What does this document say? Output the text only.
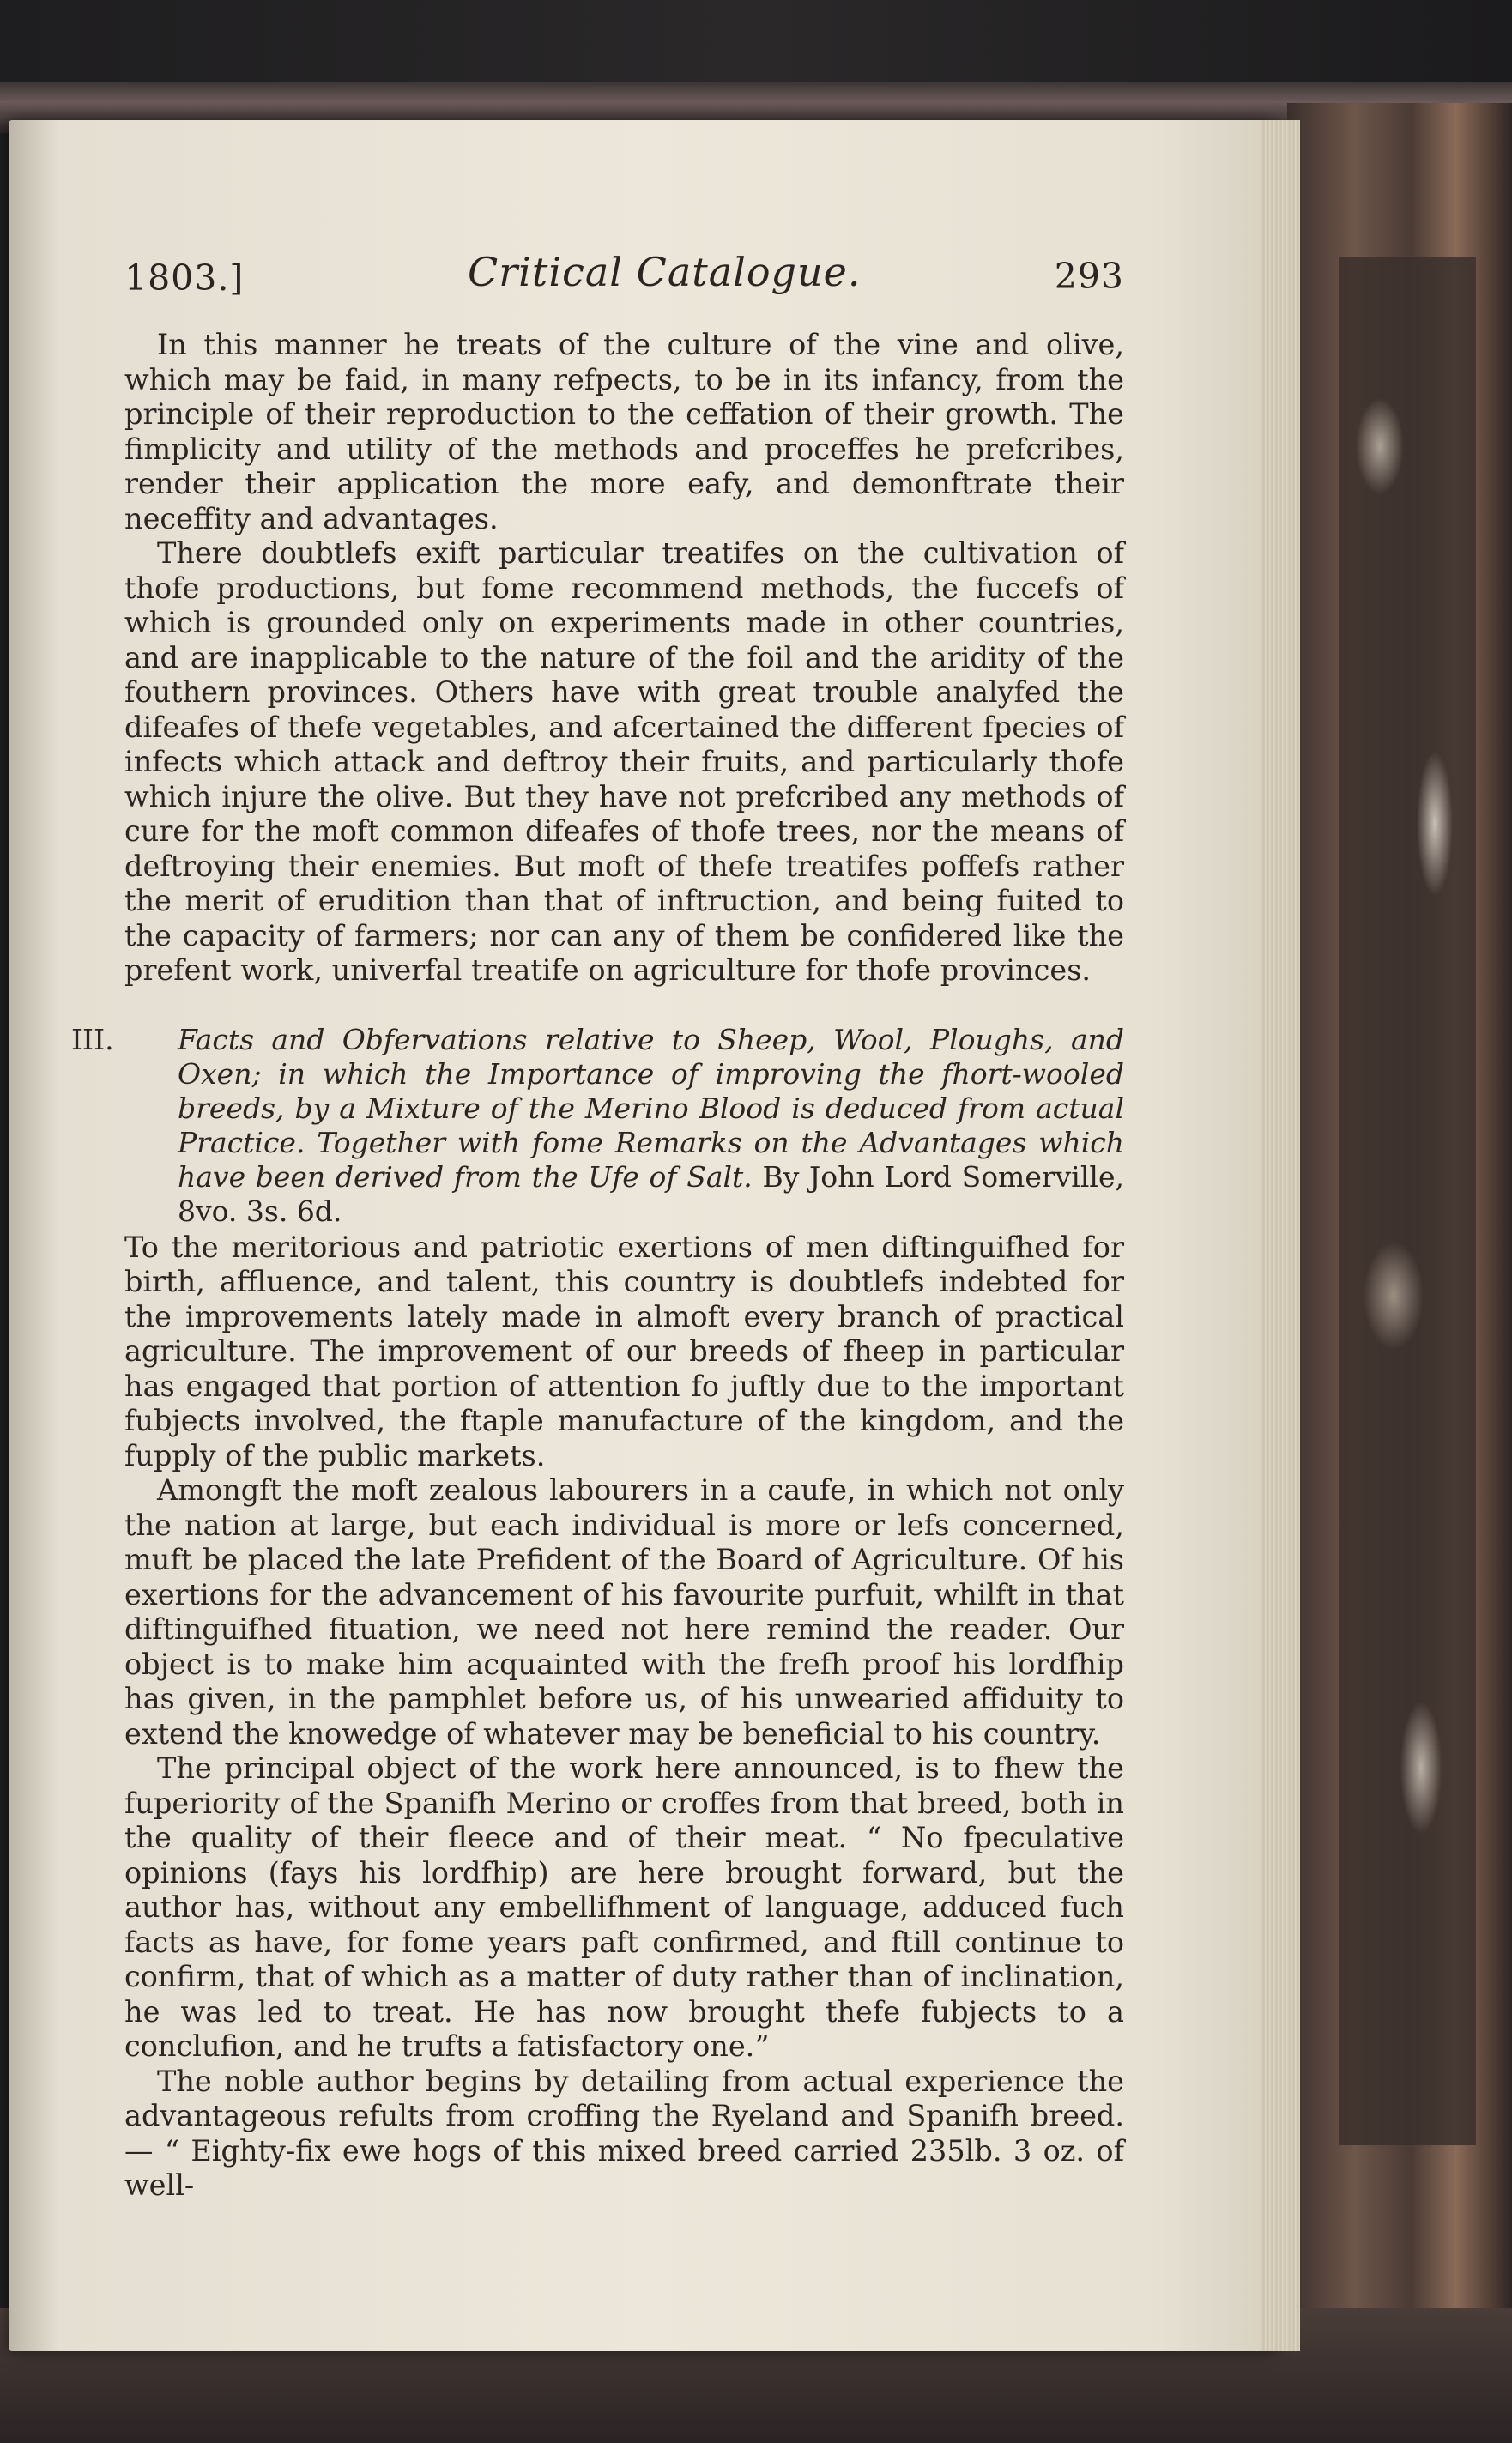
1803.]	Critical Catalogue.	293

In this manner he treats of the culture of the vine and olive, which may be faid, in many refpects, to be in its infancy, from the principle of their reproduction to the ceffation of their growth. The fimplicity and utility of the methods and proceffes he prefcribes, render their application the more eafy, and demonftrate their neceffity and advantages.

There doubtlefs exift particular treatifes on the cultivation of thofe productions, but fome recommend methods, the fuccefs of which is grounded only on experiments made in other countries, and are inapplicable to the nature of the foil and the aridity of the fouthern provinces. Others have with great trouble analyfed the difeafes of thefe vegetables, and afcertained the different fpecies of infects which attack and deftroy their fruits, and particularly thofe which injure the olive. But they have not prefcribed any methods of cure for the moft common difeafes of thofe trees, nor the means of deftroying their enemies. But moft of thefe treatifes poffefs rather the merit of erudition than that of inftruction, and being fuited to the capacity of farmers; nor can any of them be confidered like the prefent work, univerfal treatife on agriculture for thofe provinces.

III. Facts and Obfervations relative to Sheep, Wool, Ploughs, and Oxen; in which the Importance of improving the fhort-wooled breeds, by a Mixture of the Merino Blood is deduced from actual Practice. Together with fome Remarks on the Advantages which have been derived from the Ufe of Salt. By John Lord Somerville, 8vo. 3s. 6d.

To the meritorious and patriotic exertions of men diftinguifhed for birth, affluence, and talent, this country is doubtlefs indebted for the improvements lately made in almoft every branch of practical agriculture. The improvement of our breeds of fheep in particular has engaged that portion of attention fo juftly due to the important fubjects involved, the ftaple manufacture of the kingdom, and the fupply of the public markets.

Amongft the moft zealous labourers in a caufe, in which not only the nation at large, but each individual is more or lefs concerned, muft be placed the late Prefident of the Board of Agriculture. Of his exertions for the advancement of his favourite purfuit, whilft in that diftinguifhed fituation, we need not here remind the reader. Our object is to make him acquainted with the frefh proof his lordfhip has given, in the pamphlet before us, of his unwearied affiduity to extend the knowedge of whatever may be beneficial to his country.

The principal object of the work here announced, is to fhew the fuperiority of the Spanifh Merino or croffes from that breed, both in the quality of their fleece and of their meat. “ No fpeculative opinions (fays his lordfhip) are here brought forward, but the author has, without any embellifhment of language, adduced fuch facts as have, for fome years paft confirmed, and ftill continue to confirm, that of which as a matter of duty rather than of inclination, he was led to treat. He has now brought thefe fubjects to a conclufion, and he trufts a fatisfactory one.”

The noble author begins by detailing from actual experience the advantageous refults from croffing the Ryeland and Spanifh breed.— “ Eighty-fix ewe hogs of this mixed breed carried 235lb. 3 oz. of well-
